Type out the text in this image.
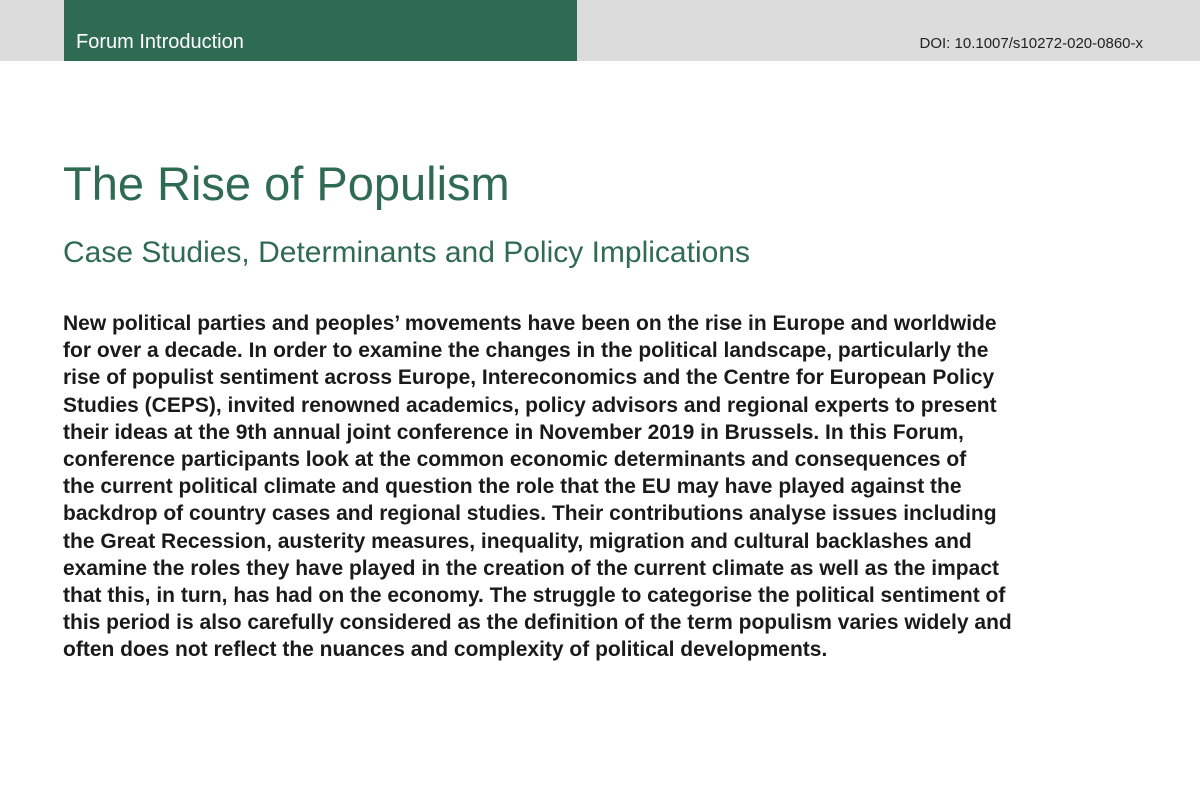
Forum Introduction	DOI: 10.1007/s10272-020-0860-x
The Rise of Populism
Case Studies, Determinants and Policy Implications

New political parties and peoples’ movements have been on the rise in Europe and worldwide
for over a decade. In order to examine the changes in the political landscape, particularly the
rise of populist sentiment across Europe, Intereconomics and the Centre for European Policy
Studies (CEPS), invited renowned academics, policy advisors and regional experts to present
their ideas at the 9th annual joint conference in November 2019 in Brussels. In this Forum,
conference participants look at the common economic determinants and consequences of
the current political climate and question the role that the EU may have played against the
backdrop of country cases and regional studies. Their contributions analyse issues including
the Great Recession, austerity measures, inequality, migration and cultural backlashes and
examine the roles they have played in the creation of the current climate as well as the impact
that this, in turn, has had on the economy. The struggle to categorise the political sentiment of
this period is also carefully considered as the definition of the term populism varies widely and
often does not reflect the nuances and complexity of political developments.
